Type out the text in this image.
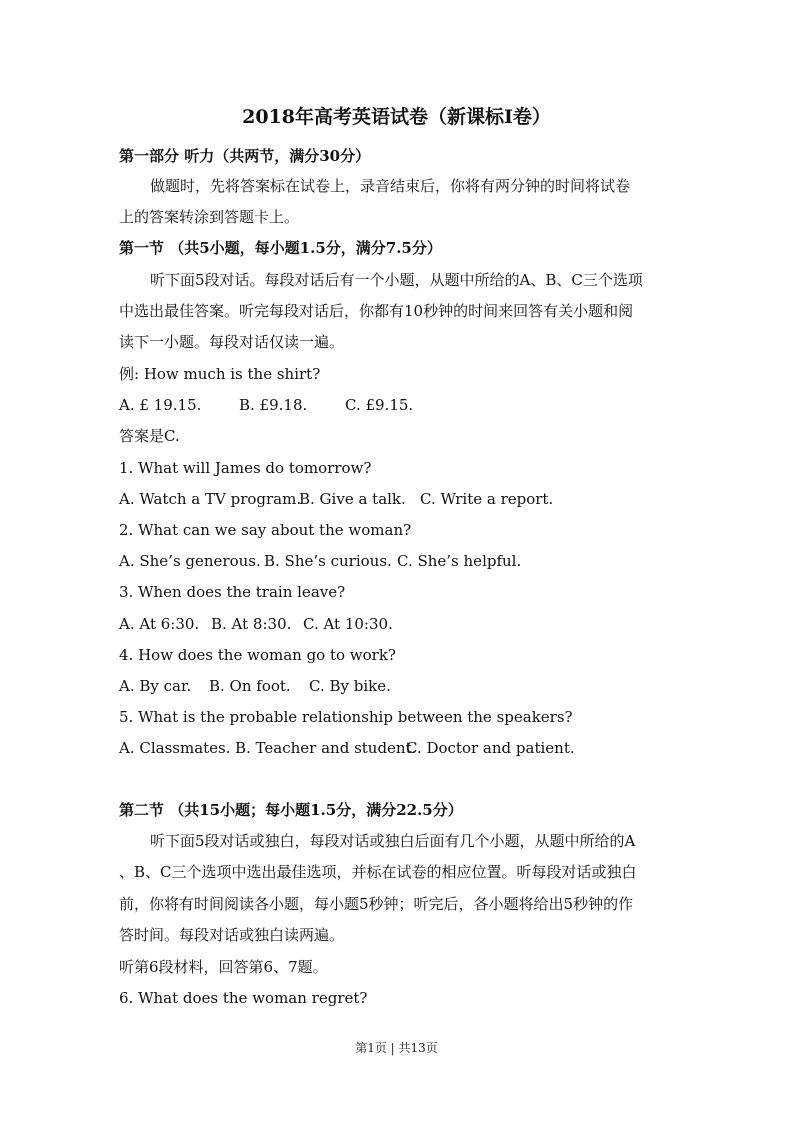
2018年高考英语试卷（新课标Ⅰ卷）
第一部分 听力（共两节，满分30分）
做题时，先将答案标在试卷上，录音结束后，你将有两分钟的时间将试卷
上的答案转涂到答题卡上。
第一节 （共5小题，每小题1.5分，满分7.5分）
听下面5段对话。每段对话后有一个小题，从题中所给的A、B、C三个选项
中选出最佳答案。听完每段对话后，你都有10秒钟的时间来回答有关小题和阅
读下一小题。每段对话仅读一遍。
例: How much is the shirt?
A. £ 19.15.	B. £9.18.	C. £9.15.
答案是C.
1. What will James do tomorrow?
A. Watch a TV program.B. Give a talk. C. Write a report.
2. What can we say about the woman?
A. She’s generous. B. She’s curious. C. She’s helpful.
3. When does the train leave?
A. At 6:30. B. At 8:30. C. At 10:30.
4. How does the woman go to work?
A. By car. B. On foot. C. By bike.
5. What is the probable relationship between the speakers?
A. Classmates. B. Teacher and student.C. Doctor and patient.
第二节 （共15小题；每小题1.5分，满分22.5分）
听下面5段对话或独白，每段对话或独白后面有几个小题，从题中所给的A
、B、C三个选项中选出最佳选项，并标在试卷的相应位置。听每段对话或独白
前，你将有时间阅读各小题，每小题5秒钟；听完后，各小题将给出5秒钟的作
答时间。每段对话或独白读两遍。
听第6段材料，回答第6、7题。
6. What does the woman regret?
第1页 | 共13页
